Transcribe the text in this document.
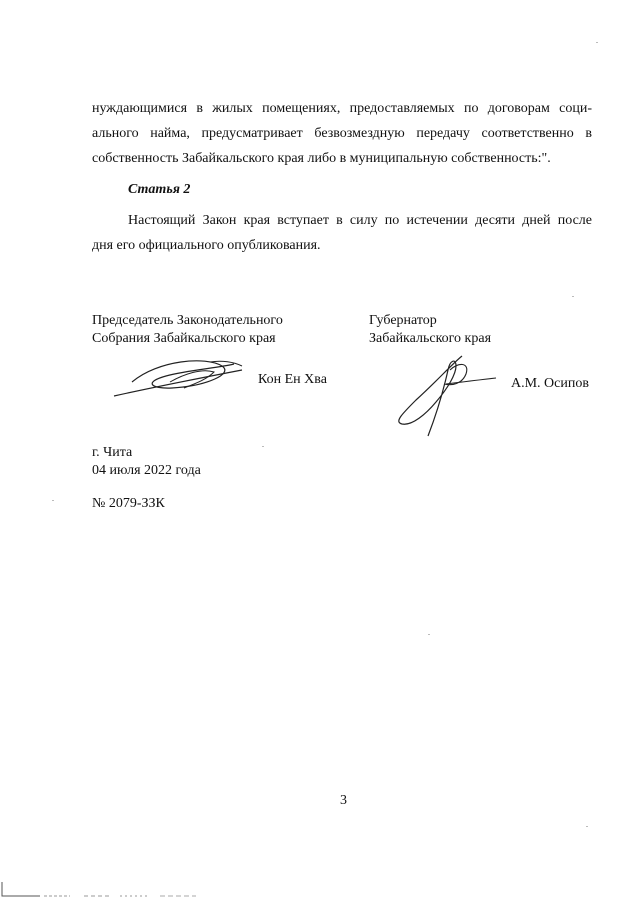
нуждающимися в жилых помещениях, предоставляемых по договорам соци-
ального найма, предусматривает безвозмездную передачу соответственно в
собственность Забайкальского края либо в муниципальную собственность:".
Статья 2
Настоящий Закон края вступает в силу по истечении десяти дней после
дня его официального опубликования.
Председатель Законодательного
Собрания Забайкальского края
Кон Ен Хва
Губернатор
Забайкальского края
А.М. Осипов
г. Чита
04 июля 2022 года
№ 2079-ЗЗК
3
